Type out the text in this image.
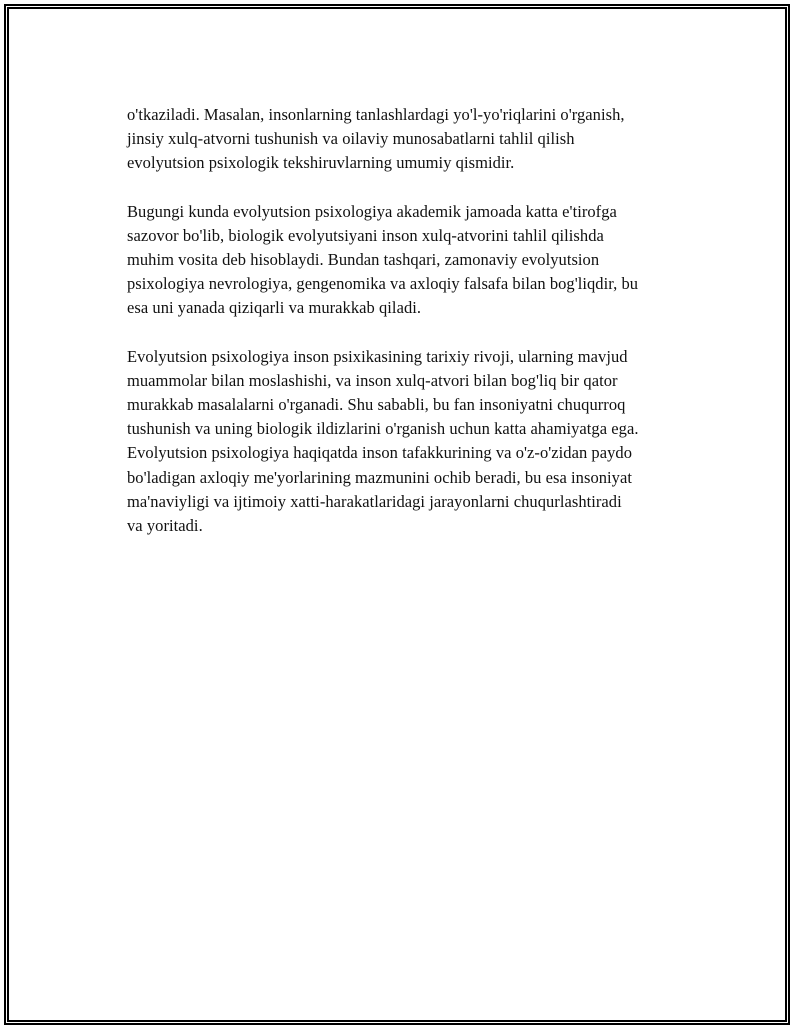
o'tkaziladi. Masalan, insonlarning tanlashlardagi yo'l-yo'riqlarini o'rganish,
jinsiy xulq-atvorni tushunish va oilaviy munosabatlarni tahlil qilish
evolyutsion psixologik tekshiruvlarning umumiy qismidir.

Bugungi kunda evolyutsion psixologiya akademik jamoada katta e'tirofga
sazovor bo'lib, biologik evolyutsiyani inson xulq-atvorini tahlil qilishda
muhim vosita deb hisoblaydi. Bundan tashqari, zamonaviy evolyutsion
psixologiya nevrologiya, gengenomika va axloqiy falsafa bilan bog'liqdir, bu
esa uni yanada qiziqarli va murakkab qiladi.

Evolyutsion psixologiya inson psixikasining tarixiy rivoji, ularning mavjud
muammolar bilan moslashishi, va inson xulq-atvori bilan bog'liq bir qator
murakkab masalalarni o'rganadi. Shu sababli, bu fan insoniyatni chuqurroq
tushunish va uning biologik ildizlarini o'rganish uchun katta ahamiyatga ega.
Evolyutsion psixologiya haqiqatda inson tafakkurining va o'z-o'zidan paydo
bo'ladigan axloqiy me'yorlarining mazmunini ochib beradi, bu esa insoniyat
ma'naviyligi va ijtimoiy xatti-harakatlaridagi jarayonlarni chuqurlashtiradi
va yoritadi.
